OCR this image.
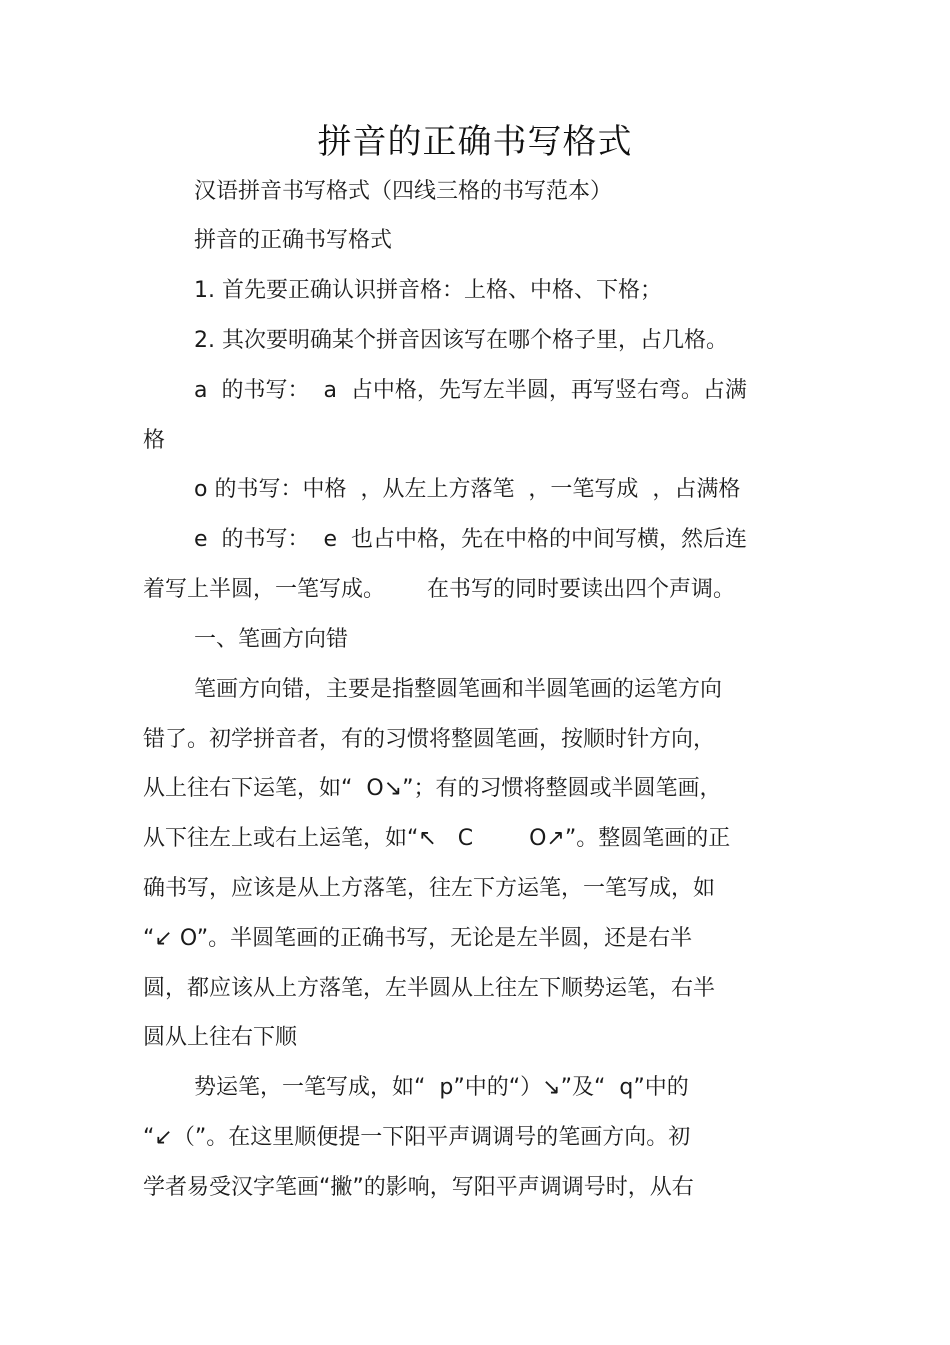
拼音的正确书写格式
汉语拼音书写格式（四线三格的书写范本）
拼音的正确书写格式
1. 首先要正确认识拼音格：上格、中格、下格；
2. 其次要明确某个拼音因该写在哪个格子里，占几格。
a  的书写：  a  占中格，先写左半圆，再写竖右弯。占满
格
o 的书写：中格  ，从左上方落笔  ，一笔写成  ，占满格
e  的书写：  e  也占中格，先在中格的中间写横，然后连
着写上半圆，一笔写成。      在书写的同时要读出四个声调。
一、笔画方向错
笔画方向错，主要是指整圆笔画和半圆笔画的运笔方向
错了。初学拼音者，有的习惯将整圆笔画，按顺时针方向，
从上往右下运笔，如“  O↘”；有的习惯将整圆或半圆笔画，
从下往左上或右上运笔，如“↖   C        O↗”。整圆笔画的正
确书写，应该是从上方落笔，往左下方运笔，一笔写成，如
“↙ O”。半圆笔画的正确书写，无论是左半圆，还是右半
圆，都应该从上方落笔，左半圆从上往左下顺势运笔，右半
圆从上往右下顺
势运笔，一笔写成，如“  p”中的“）↘”及“  q”中的
“↙（”。在这里顺便提一下阳平声调调号的笔画方向。初
学者易受汉字笔画“撇”的影响，写阳平声调调号时，从右
